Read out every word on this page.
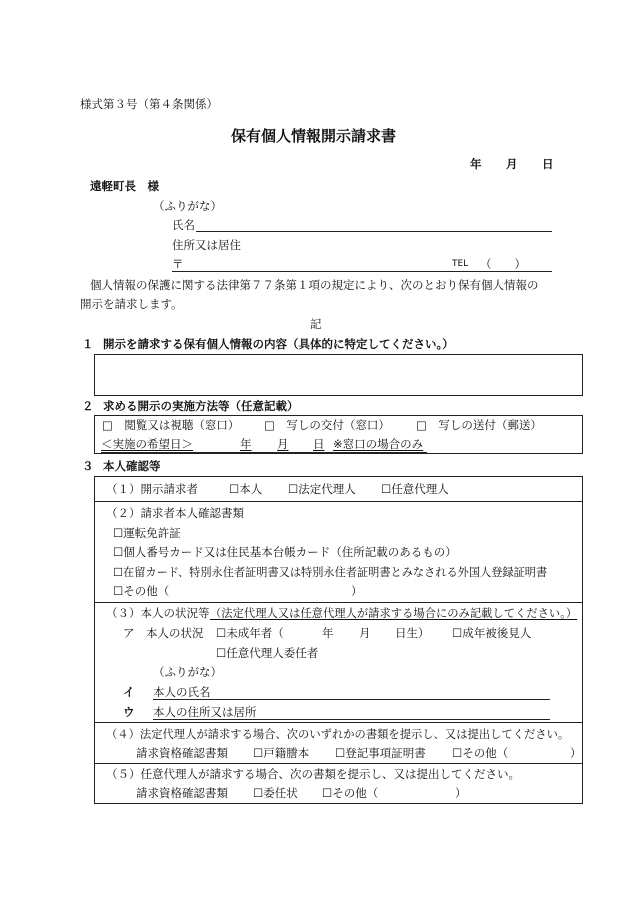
様式第３号（第４条関係）
保有個人情報開示請求書
年 月 日
遠軽町長　様
（ふりがな）
氏名
住所又は居住
〒	TEL （　　）
個人情報の保護に関する法律第７７条第１項の規定により、次のとおり保有個人情報の
開示を請求します。
記
１ 開示を請求する保有個人情報の内容（具体的に特定してください。）
２ 求める開示の実施方法等（任意記載）
□　閲覧又は視聴（窓口） □　写しの交付（窓口） □　写しの送付（郵送）
＜実施の希望日＞	年 月 日 ※窓口の場合のみ
３ 本人確認等
（１）開示請求者	☐本人 ☐法定代理人 ☐任意代理人
（２）請求者本人確認書類
☐運転免許証
☐個人番号カード又は住民基本台帳カード（住所記載のあるもの）
☐在留カード、特別永住者証明書又は特別永住者証明書とみなされる外国人登録証明書
☐その他（	）
（３）本人の状況等 （法定代理人又は任意代理人が請求する場合にのみ記載してください。）
ア　本人の状況 ☐未成年者（	年 月 日生） ☐成年被後見人
☐任意代理人委任者
（ふりがな）
イ 本人の氏名
ウ 本人の住所又は居所
（４）法定代理人が請求する場合、次のいずれかの書類を提示し、又は提出してください。
請求資格確認書類 ☐戸籍謄本 ☐登記事項証明書 ☐その他（	）
（５）任意代理人が請求する場合、次の書類を提示し、又は提出してください。
請求資格確認書類 ☐委任状 ☐その他（	）
